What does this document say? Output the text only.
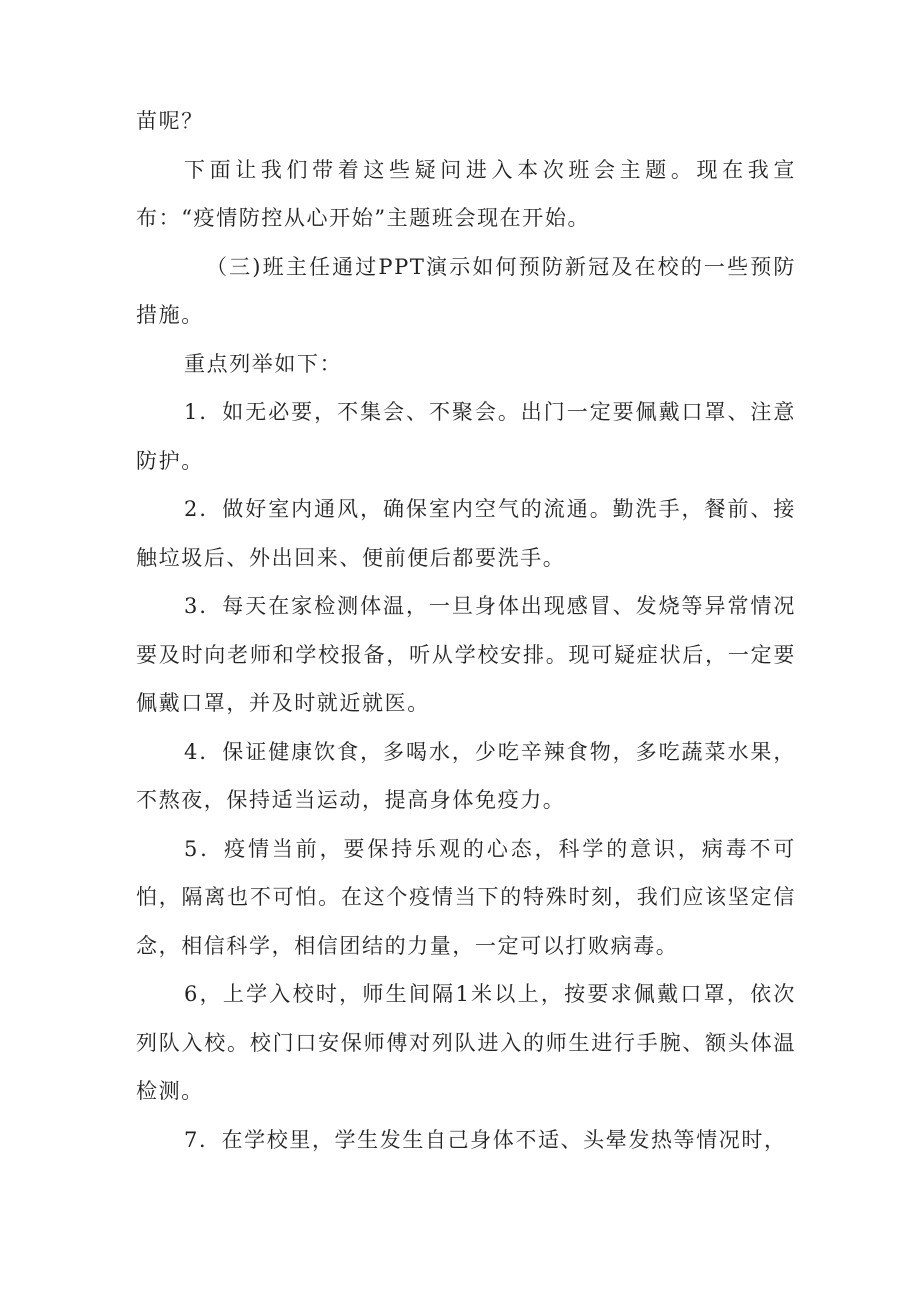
苗呢？

下面让我们带着这些疑问进入本次班会主题。现在我宣布：“疫情防控从心开始”主题班会现在开始。

（三)班主任通过PPT演示如何预防新冠及在校的一些预防措施。

重点列举如下：

1．如无必要，不集会、不聚会。出门一定要佩戴口罩、注意防护。

2．做好室内通风，确保室内空气的流通。勤洗手，餐前、接触垃圾后、外出回来、便前便后都要洗手。

3．每天在家检测体温，一旦身体出现感冒、发烧等异常情况要及时向老师和学校报备，听从学校安排。现可疑症状后，一定要佩戴口罩，并及时就近就医。

4．保证健康饮食，多喝水，少吃辛辣食物，多吃蔬菜水果，不熬夜，保持适当运动，提高身体免疫力。

5．疫情当前，要保持乐观的心态，科学的意识，病毒不可怕，隔离也不可怕。在这个疫情当下的特殊时刻，我们应该坚定信念，相信科学，相信团结的力量，一定可以打败病毒。

6，上学入校时，师生间隔1米以上，按要求佩戴口罩，依次列队入校。校门口安保师傅对列队进入的师生进行手腕、额头体温检测。

7．在学校里，学生发生自己身体不适、头晕发热等情况时，
